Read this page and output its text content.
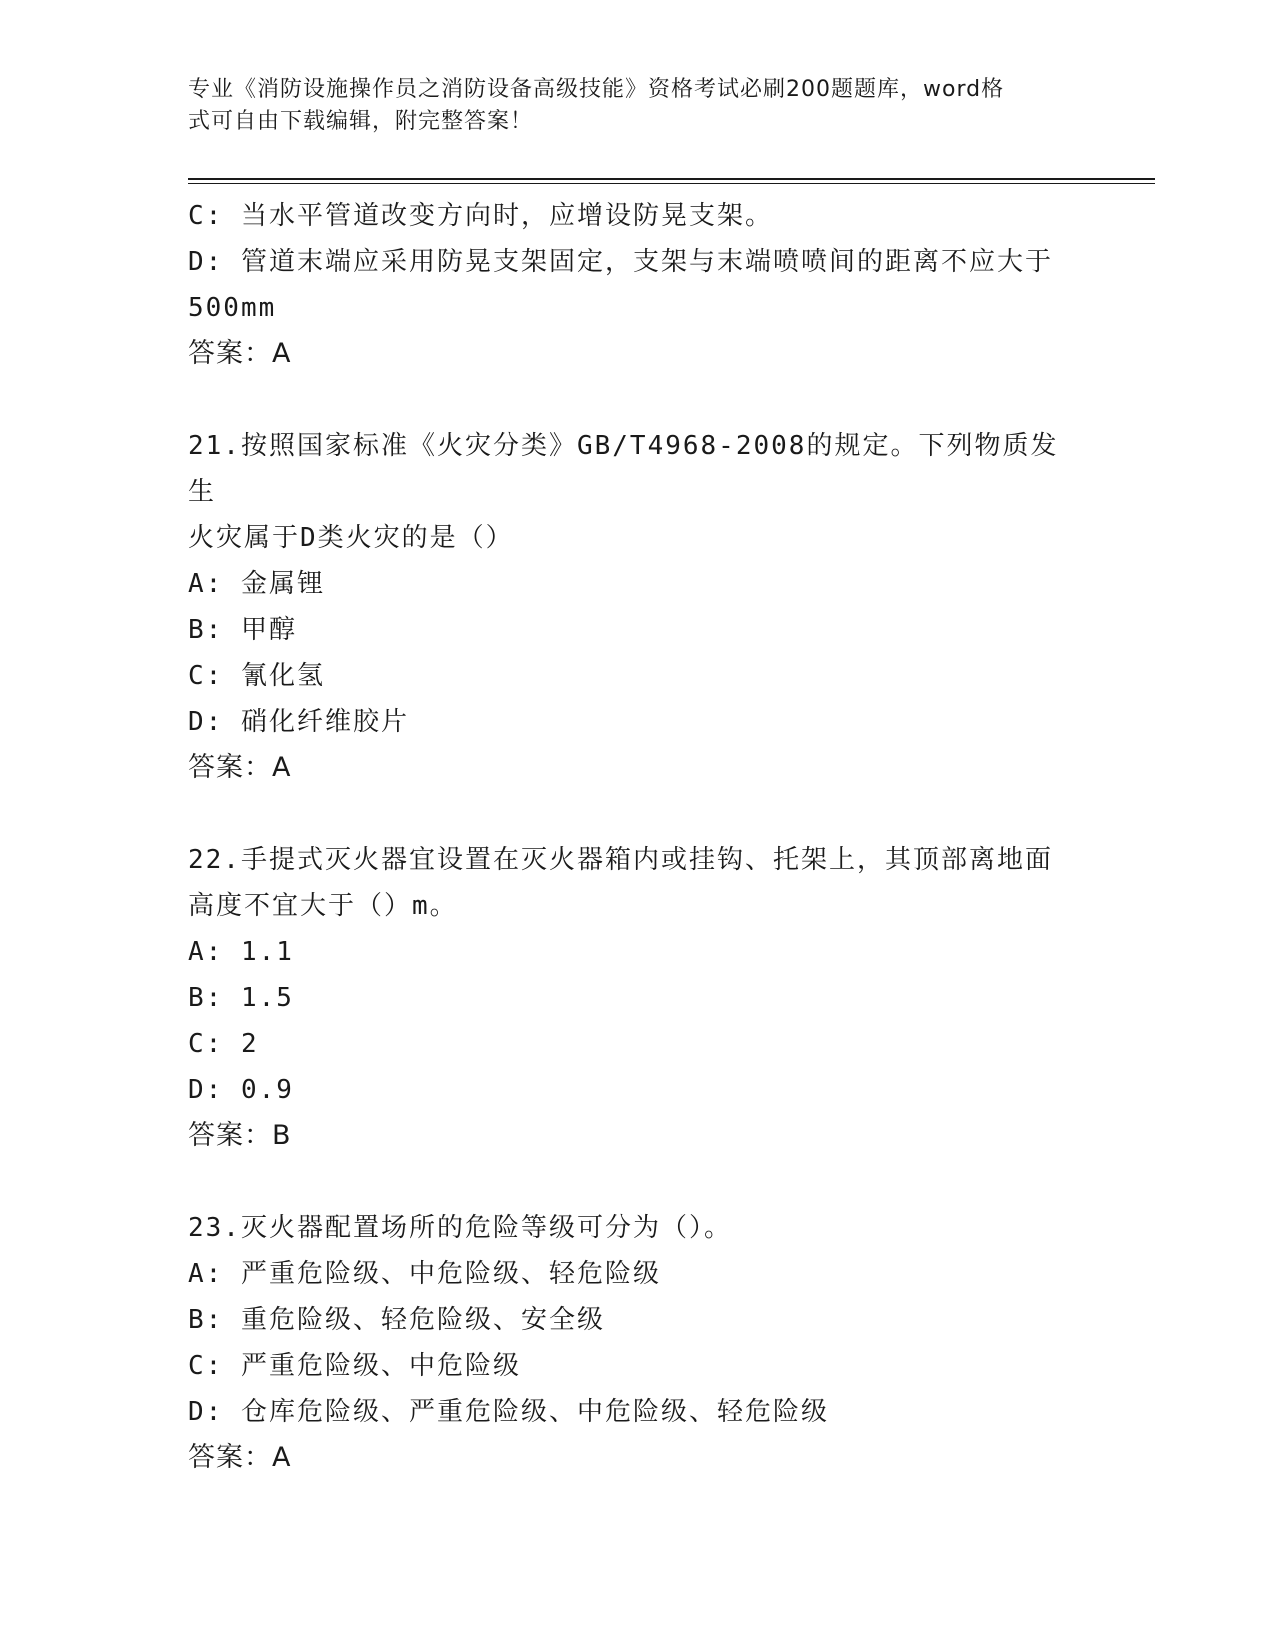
专业《消防设施操作员之消防设备高级技能》资格考试必刷200题题库，word格
式可自由下载编辑，附完整答案！

C: 当水平管道改变方向时，应增设防晃支架。

D: 管道末端应采用防晃支架固定，支架与末端喷喷间的距离不应大于

500mm

答案：A

21.按照国家标准《火灾分类》GB/T4968-2008的规定。下列物质发生

火灾属于D类火灾的是（）

A: 金属锂

B: 甲醇

C: 氰化氢

D: 硝化纤维胶片

答案：A

22.手提式灭火器宜设置在灭火器箱内或挂钩、托架上，其顶部离地面

高度不宜大于（）m。

A: 1.1

B: 1.5

C: 2

D: 0.9

答案：B

23.灭火器配置场所的危险等级可分为（）。

A: 严重危险级、中危险级、轻危险级

B: 重危险级、轻危险级、安全级

C: 严重危险级、中危险级

D: 仓库危险级、严重危险级、中危险级、轻危险级

答案：A
